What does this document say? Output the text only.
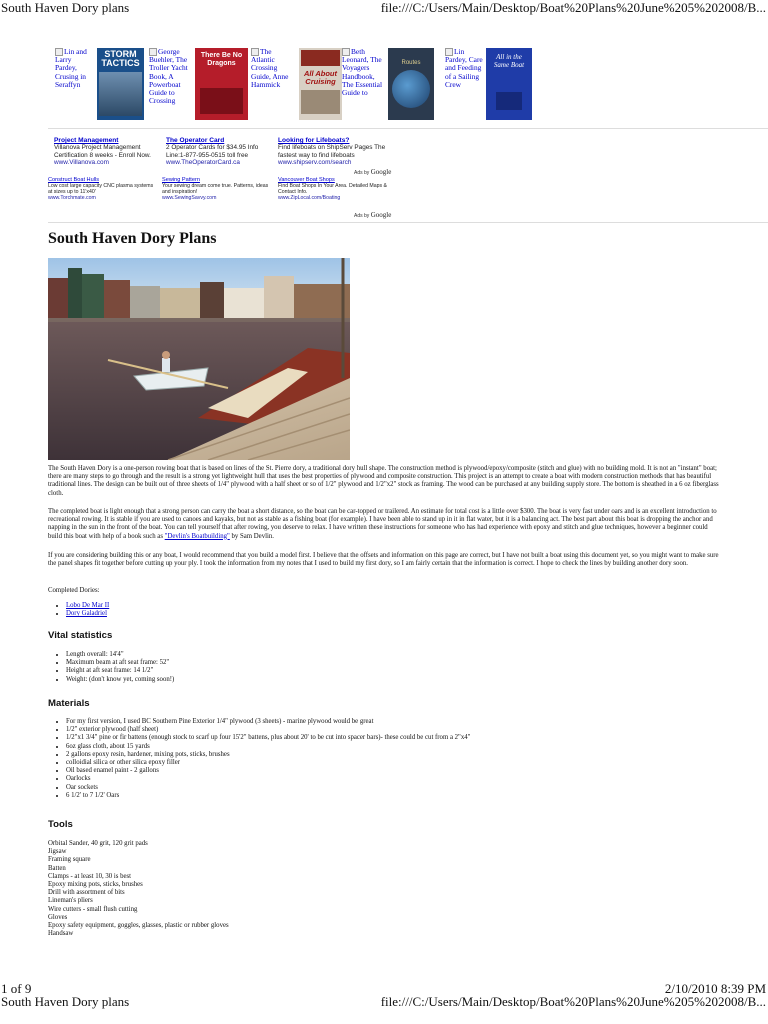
South Haven Dory plans	file:///C:/Users/Main/Desktop/Boat%20Plans%20June%205%202008/B...
Lin and Larry Pardey, Crusing in Seraffyn
STORM TACTICS
George Buehler, The Troller Yacht Book, A Powerboat Guide to Crossing
There Be No Dragons
The Atlantic Crossing Guide, Anne Hammick
All About Cruising
Beth Leonard, The Voyagers Handbook, The Essential Guide to
Routes
Lin Pardey, Care and Feeding of a Sailing Crew
All in the Same Boat
Project Management
Villanova Project Management Certification 8 weeks - Enroll Now.
www.Villanova.com
The Operator Card
2 Operator Cards for $34.95 Info Line:1-877-955-0515 toll free
www.TheOperatorCard.ca
Looking for Lifeboats?
Find lifeboats on ShipServ Pages The fastest way to find lifeboats
www.shipserv.com/search
Construct Boat Hulls
Low cost large capacity CNC plasma systems at sizes up to 11'x40'
www.Torchmate.com
Sewing Pattern
Your sewing dream come true. Patterns, ideas and inspiration!
www.SewingSavvy.com
Vancouver Boat Shops
Find Boat Shops In Your Area. Detailed Maps & Contact Info.
www.ZipLocal.com/Boating
Ads by Google
Ads by Google
South Haven Dory Plans
The South Haven Dory is a one-person rowing boat that is based on lines of the St. Pierre dory, a traditional dory hull shape. The construction method is plywood/epoxy/composite (stitch and glue) with no building mold. It is not an "instant" boat; there are many steps to go through and the result is a strong yet lightweight hull that uses the best properties of plywood and composite construction. This project is an attempt to create a boat with modern construction methods that has beautiful traditional lines. The design can be built out of three sheets of 1/4" plywood with a half sheet or so of 1/2" plywood and 1/2"x2" stock as framing. The wood can be purchased at any building supply store. The bottom is sheathed in a 6 oz fiberglass cloth.
The completed boat is light enough that a strong person can carry the boat a short distance, so the boat can be car-topped or trailered. An estimate for total cost is a little over $300. The boat is very fast under oars and is an excellent introduction to recreational rowing. It is stable if you are used to canoes and kayaks, but not as stable as a fishing boat (for example). I have been able to stand up in it in flat water, but it is a balancing act. The best part about this boat is dropping the anchor and napping in the sun in the front of the boat. You can tell yourself that after rowing, you deserve to relax. I have written these instructions for someone who has had experience with epoxy and stitch and glue techniques, however a beginner could build this boat with help of a book such as "Devlin's Boatbuilding" by Sam Devlin.
If you are considering building this or any boat, I would recommend that you build a model first. I believe that the offsets and information on this page are correct, but I have not built a boat using this document yet, so you might want to make sure the panel shapes fit together before cutting up your ply. I took the information from my notes that I used to build my first dory, so I am fairly certain that the information is correct. I hope to check the lines by building another dory soon.
Completed Dories:
• Lobo De Mar II
• Dory Galadriel
Vital statistics
• Length overall: 14'4"
• Maximum beam at aft seat frame: 52"
• Height at aft seat frame: 14 1/2"
• Weight: (don't know yet, coming soon!)
Materials
• For my first version, I used BC Southern Pine Exterior 1/4" plywood (3 sheets) - marine plywood would be great
• 1/2" exterior plywood (half sheet)
• 1/2"x1 3/4" pine or fir battens (enough stock to scarf up four 15'2" battens, plus about 20' to be cut into spacer bars)- these could be cut from a 2"x4"
• 6oz glass cloth, about 15 yards
• 2 gallons epoxy resin, hardener, mixing pots, sticks, brushes
• colloidial silica or other silica epoxy filler
• Oil based enamel paint - 2 gallons
• Oarlocks
• Oar sockets
• 6 1/2' to 7 1/2' Oars
Tools
Orbital Sander, 40 grit, 120 grit pads
Jigsaw
Framing square
Batten
Clamps - at least 10, 30 is best
Epoxy mixing pots, sticks, brushes
Drill with assortment of bits
Lineman's pliers
Wire cutters - small flush cutting
Gloves
Epoxy safety equipment, goggles, glasses, plastic or rubber gloves
Handsaw
1 of 9	2/10/2010 8:39 PM
South Haven Dory plans	file:///C:/Users/Main/Desktop/Boat%20Plans%20June%205%202008/B...
